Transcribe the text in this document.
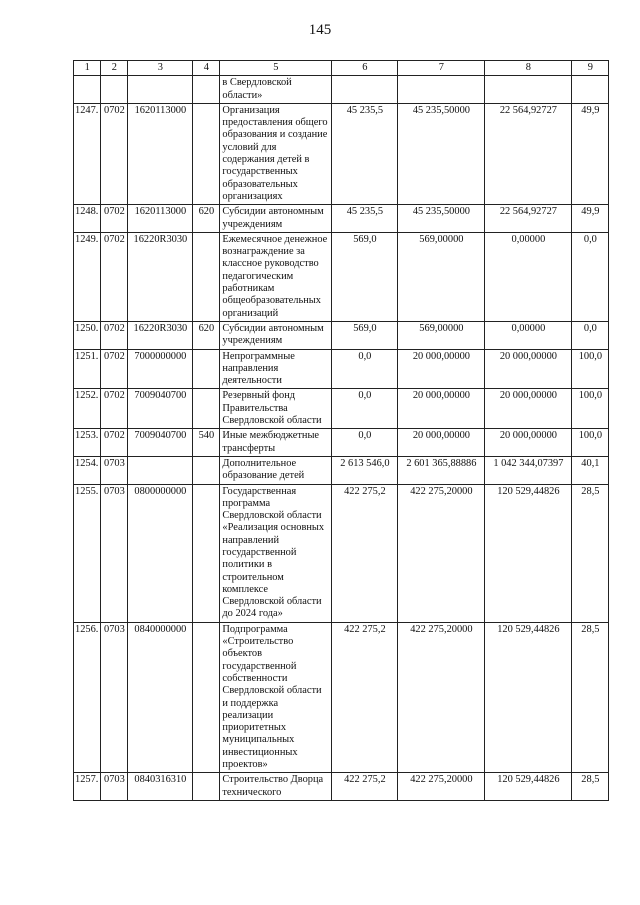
145
1	2	3	4	5	6	7	8	9
				в Свердловской области»				
1247.	0702	1620113000		Организация предоставления общего образования и создание условий для содержания детей в государственных образовательных организациях	45 235,5	45 235,50000	22 564,92727	49,9
1248.	0702	1620113000	620	Субсидии автономным учреждениям	45 235,5	45 235,50000	22 564,92727	49,9
1249.	0702	16220R3030		Ежемесячное денежное вознаграждение за классное руководство педагогическим работникам общеобразовательных организаций	569,0	569,00000	0,00000	0,0
1250.	0702	16220R3030	620	Субсидии автономным учреждениям	569,0	569,00000	0,00000	0,0
1251.	0702	7000000000		Непрограммные направления деятельности	0,0	20 000,00000	20 000,00000	100,0
1252.	0702	7009040700		Резервный фонд Правительства Свердловской области	0,0	20 000,00000	20 000,00000	100,0
1253.	0702	7009040700	540	Иные межбюджетные трансферты	0,0	20 000,00000	20 000,00000	100,0
1254.	0703			Дополнительное образование детей	2 613 546,0	2 601 365,88886	1 042 344,07397	40,1
1255.	0703	0800000000		Государственная программа Свердловской области «Реализация основных направлений государственной политики в строительном комплексе Свердловской области до 2024 года»	422 275,2	422 275,20000	120 529,44826	28,5
1256.	0703	0840000000		Подпрограмма «Строительство объектов государственной собственности Свердловской области и поддержка реализации приоритетных муниципальных инвестиционных проектов»	422 275,2	422 275,20000	120 529,44826	28,5
1257.	0703	0840316310		Строительство Дворца технического	422 275,2	422 275,20000	120 529,44826	28,5
